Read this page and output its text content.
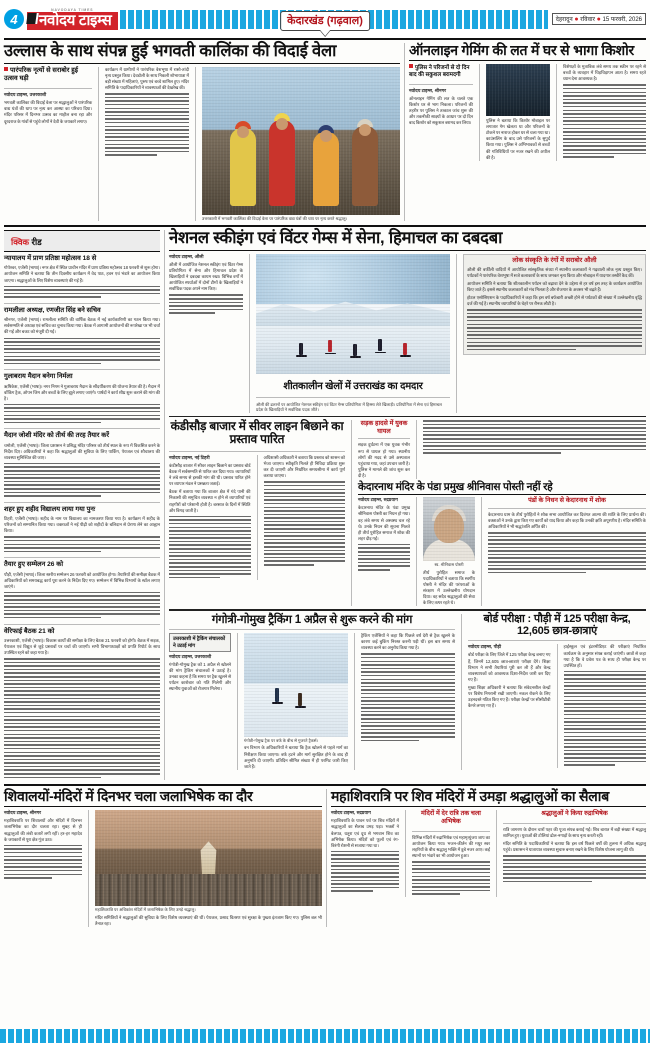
4
NAVODAYA TIMES
नवोदय टाइम्स	केदारखंड (गढ़वाल)	देहरादून ● रविवार ● 15 फरवरी, 2026
उल्लास के साथ संपन्न हुई भगवती कालिंका की विदाई वेला
पारंपरिक नृत्यों से सराबोर हुई उत्सव घड़ी
नवोदय टाइम्स, उत्तरकाशी
भगवती कालिंका की विदाई वेला पर श्रद्धालुओं ने पारंपरिक वाद्य यंत्रों की थाप पर नृत्य कर आस्था का परिचय दिया। मंदिर परिसर में दिनभर उत्सव का माहौल बना रहा और दूरदराज के गांवों से पहुंचे लोगों ने देवी के जयकारे लगाए।
कार्यक्रम में ग्रामीणों ने पारंपरिक वेशभूषा में रासो-तांदी नृत्य प्रस्तुत किया। देवडोली के साथ निकली शोभायात्रा में बड़ी संख्या में महिलाएं, पुरुष एवं बच्चे शामिल हुए। मंदिर समिति के पदाधिकारियों ने व्यवस्थाओं की देखरेख की।
उत्तरकाशी में भगवती कालिंका की विदाई वेला पर पारंपरिक वाद्य यंत्रों की थाप पर नृत्य करते श्रद्धालु।
ऑनलाइन गेमिंग की लत में घर से भागा किशोर
पुलिस ने परिजनों से दो दिन बाद की सकुशल बरामदगी
नवोदय टाइम्स, श्रीनगर
ऑनलाइन गेमिंग की लत के चलते एक किशोर घर से भाग निकला। परिजनों की तहरीर पर पुलिस ने तत्काल जांच शुरू की और तकनीकी साक्ष्यों के आधार पर दो दिन बाद किशोर को सकुशल बरामद कर लिया।	पुलिस ने बताया कि किशोर मोबाइल पर लगातार गेम खेलता था और परिजनों के टोकने पर नाराज होकर घर से चला गया था। काउंसलिंग के बाद उसे परिजनों के सुपुर्द किया गया। पुलिस ने अभिभावकों से बच्चों की गतिविधियों पर नजर रखने की अपील की है।
विशेषज्ञों के मुताबिक लंबे समय तक स्क्रीन पर रहने से बच्चों के व्यवहार में चिड़चिड़ापन आता है। समय रहते ध्यान देना आवश्यक है।
क्विक रीड
न्यायालय में प्राण प्रतिष्ठा महोत्सव 18 से
गोपेश्वर, एजेंसी (भाषा)। नगर क्षेत्र में स्थित प्राचीन मंदिर में प्राण प्रतिष्ठा महोत्सव 18 फरवरी से शुरू होगा। आयोजन समिति ने बताया कि तीन दिवसीय कार्यक्रम में वेद पाठ, हवन एवं भंडारे का आयोजन किया जाएगा। श्रद्धालुओं के लिए विशेष व्यवस्थाएं की गई हैं।
रामलीला अध्यक्ष, रणजीत सिंह बने सचिव
श्रीनगर, एजेंसी (भाषा)। रामलीला समिति की वार्षिक बैठक में नई कार्यकारिणी का गठन किया गया। सर्वसम्मति से अध्यक्ष एवं सचिव का चुनाव किया गया। बैठक में आगामी आयोजनों की रूपरेखा पर भी चर्चा की गई और बजट को मंजूरी दी गई।
गुलाबराय मैदान बनेगा निर्मला
ऋषिकेश, एजेंसी (भाषा)। नगर निगम ने गुलाबराय मैदान के सौंदर्यीकरण की योजना तैयार की है। मैदान में वॉकिंग ट्रैक, ओपन जिम और बच्चों के लिए झूले लगाए जाएंगे। पार्षदों ने कार्य शीघ्र शुरू कराने की मांग की है।
मैदान जोशी मंदिर को तीर्थ की तरह तैयार करें
चमोली, एजेंसी (भाषा)। जिला प्रशासन ने प्रसिद्ध मंदिर परिसर को तीर्थ स्थल के रूप में विकसित करने के निर्देश दिए। अधिकारियों ने कहा कि श्रद्धालुओं की सुविधा के लिए पार्किंग, पेयजल एवं शौचालय की व्यवस्था सुनिश्चित की जाए।
शहर हुए शहीद विद्यालय लाया गया पुनः
टिहरी, एजेंसी (भाषा)। शहीद के नाम पर विद्यालय का नामकरण किया गया है। कार्यक्रम में शहीद के परिजनों को सम्मानित किया गया। वक्ताओं ने नई पीढ़ी को शहीदों के बलिदान से प्रेरणा लेने का आह्वान किया।
तैयार हुए सम्मेलन 26 को
पौड़ी, एजेंसी (भाषा)। जिला स्तरीय सम्मेलन 26 फरवरी को आयोजित होगा। तैयारियों की समीक्षा बैठक में अधिकारियों को समयबद्ध कार्य पूरा करने के निर्देश दिए गए। सम्मेलन में विभिन्न विभागों के स्टॉल लगाए जाएंगे।
वेरिफाई बैठक 21 को
उत्तरकाशी, एजेंसी (भाषा)। विकास कार्यों की समीक्षा के लिए बैठक 21 फरवरी को होगी। बैठक में सड़क, पेयजल एवं विद्युत से जुड़े प्रस्तावों पर चर्चा की जाएगी। सभी विभागाध्यक्षों को प्रगति रिपोर्ट के साथ उपस्थित रहने को कहा गया है।
नेशनल स्कीइंग एवं विंटर गेम्स में सेना, हिमाचल का दबदबा
नवोदय टाइम्स, औली
औली में आयोजित नेशनल स्कीइंग एवं विंटर गेम्स प्रतियोगिता में सेना और हिमाचल प्रदेश के खिलाड़ियों ने दबदबा कायम रखा। विभिन्न वर्गों में आयोजित स्पर्धाओं में दोनों टीमों के खिलाड़ियों ने सर्वाधिक पदक अपने नाम किए।
शीतकालीन खेलों में उत्तराखंड का दमदार
औली की ढलानों पर आयोजित नेशनल स्कीइंग एवं विंटर गेम्स प्रतियोगिता में हिस्सा लेते खिलाड़ी। प्रतियोगिता में सेना एवं हिमाचल प्रदेश के खिलाड़ियों ने सर्वाधिक पदक जीते।
लोक संस्कृति के रंगों में सराबोर औली
औली की बर्फीली वादियों में आयोजित सांस्कृतिक संध्या में स्थानीय कलाकारों ने गढ़वाली लोक नृत्य प्रस्तुत किए। पर्यटकों ने पारंपरिक वेशभूषा में सजे कलाकारों के साथ जमकर नृत्य किया और मोबाइल में यादगार तस्वीरें कैद कीं।
आयोजन समिति ने बताया कि शीतकालीन पर्यटन को बढ़ावा देने के उद्देश्य से हर वर्ष इस तरह के कार्यक्रम आयोजित किए जाते हैं। इससे स्थानीय कलाकारों को मंच मिलता है और रोजगार के अवसर भी बढ़ते हैं।
होटल एसोसिएशन के पदाधिकारियों ने कहा कि इस वर्ष बर्फबारी अच्छी होने से पर्यटकों की संख्या में उल्लेखनीय वृद्धि दर्ज की गई है। स्थानीय व्यापारियों के चेहरे पर रौनक लौटी है।
कंडीसौड़ बाजार में सीवर लाइन बिछाने का प्रस्ताव पारित
नवोदय टाइम्स, नई टिहरी
कंडीसौड़ बाजार में सीवर लाइन बिछाने का प्रस्ताव बोर्ड बैठक में सर्वसम्मति से पारित कर दिया गया। व्यापारियों ने लंबे समय से इसकी मांग की थी। प्रस्ताव पारित होने पर व्यापार मंडल ने प्रसन्नता जताई।
बैठक में बताया गया कि बाजार क्षेत्र में गंदे पानी की निकासी की समुचित व्यवस्था न होने से व्यापारियों एवं राहगीरों को परेशानी होती है। बरसात के दिनों में स्थिति और बिगड़ जाती है।
अधिशासी अधिकारी ने बताया कि प्रस्ताव को शासन को भेजा जाएगा। स्वीकृति मिलते ही निविदा प्रक्रिया शुरू कर दी जाएगी और निर्धारित समयसीमा में कार्य पूर्ण कराया जाएगा।
सड़क हादसे में युवक घायल
सड़क दुर्घटना में एक युवक गंभीर रूप से घायल हो गया। स्थानीय लोगों की मदद से उसे अस्पताल पहुंचाया गया, जहां उपचार जारी है। पुलिस ने मामले की जांच शुरू कर दी है।
केदारनाथ मंदिर के पंडा प्रमुख श्रीनिवास पोस्ती नहीं रहे
नवोदय टाइम्स, रुद्रप्रयाग
केदारनाथ मंदिर के पंडा प्रमुख श्रीनिवास पोस्ती का निधन हो गया। वह लंबे समय से अस्वस्थ चल रहे थे। उनके निधन की सूचना मिलते ही तीर्थ पुरोहित समाज में शोक की लहर दौड़ गई।
स्व. श्रीनिवास पोस्ती
तीर्थ पुरोहित समाज के पदाधिकारियों ने बताया कि स्वर्गीय पोस्ती ने मंदिर की परंपराओं के संरक्षण में उल्लेखनीय योगदान दिया। वह सदैव श्रद्धालुओं की सेवा के लिए तत्पर रहते थे।
पंडों के निधन से केदारनाथ में शोक
केदारनाथ धाम के तीर्थ पुरोहितों ने शोक सभा आयोजित कर दिवंगत आत्मा की शांति के लिए प्रार्थना की। वक्ताओं ने उनके द्वारा किए गए कार्यों को याद किया और कहा कि उनकी क्षति अपूरणीय है। मंदिर समिति के अधिकारियों ने भी श्रद्धांजलि अर्पित की।
गंगोत्री-गोमुख ट्रैकिंग 1 अप्रैल से शुरू करने की मांग
उत्तरकाशी में ट्रैकिंग संचालकों ने उठाई मांग
नवोदय टाइम्स, उत्तरकाशी
गंगोत्री-गोमुख ट्रैक को 1 अप्रैल से खोलने की मांग ट्रैकिंग संचालकों ने उठाई है। उनका कहना है कि समय पर ट्रैक खुलने से पर्यटन कारोबार को गति मिलेगी और स्थानीय युवाओं को रोजगार मिलेगा।
गंगोत्री-गोमुख ट्रैक पर बर्फ के बीच से गुजरते ट्रैकर्स।
वन विभाग के अधिकारियों ने बताया कि ट्रैक खोलने से पहले मार्ग का निरीक्षण किया जाएगा। बर्फ हटने और मार्ग सुरक्षित होने के बाद ही अनुमति दी जाएगी। प्रतिदिन सीमित संख्या में ही परमिट जारी किए जाते हैं।
ट्रैकिंग एजेंसियों ने कहा कि पिछले वर्ष देरी से ट्रैक खुलने के कारण कई बुकिंग निरस्त करनी पड़ी थीं। इस बार समय से व्यवस्था करने का अनुरोध किया गया है।
बोर्ड परीक्षा : पौड़ी में 125 परीक्षा केन्द्र, 12,605 छात्र-छात्राएं
नवोदय टाइम्स, पौड़ी
बोर्ड परीक्षा के लिए जिले में 125 परीक्षा केन्द्र बनाए गए हैं, जिनमें 12,605 छात्र-छात्राएं परीक्षा देंगे। शिक्षा विभाग ने सभी तैयारियां पूरी कर ली हैं और केन्द्र व्यवस्थापकों को आवश्यक दिशा-निर्देश जारी कर दिए गए हैं।
मुख्य शिक्षा अधिकारी ने बताया कि संवेदनशील केन्द्रों पर विशेष निगरानी रखी जाएगी। नकल रोकने के लिए उड़नदस्ते गठित किए गए हैं। परीक्षा केन्द्रों पर सीसीटीवी कैमरे लगाए गए हैं।
हाईस्कूल एवं इंटरमीडिएट की परीक्षाएं निर्धारित कार्यक्रम के अनुसार संपन्न कराई जाएंगी। छात्रों से कहा गया है कि वे प्रवेश पत्र के साथ ही परीक्षा केन्द्र पर उपस्थित हों।
शिवालयों-मंदिरों में दिनभर चला जलाभिषेक का दौर
नवोदय टाइम्स, श्रीनगर
महाशिवरात्रि पर शिवालयों और मंदिरों में दिनभर जलाभिषेक का दौर चलता रहा। सुबह से ही श्रद्धालुओं की लंबी कतारें लगी रहीं। हर-हर महादेव के जयकारों से पूरा क्षेत्र गूंज उठा।
महाशिवरात्रि पर अधिकांश मंदिरों में जलाभिषेक के लिए उमड़े श्रद्धालु।
मंदिर समितियों ने श्रद्धालुओं की सुविधा के लिए विशेष व्यवस्थाएं की थीं। पेयजल, प्रसाद वितरण एवं सुरक्षा के पुख्ता इंतजाम किए गए। पुलिस बल भी तैनात रहा।
महाशिवरात्रि पर शिव मंदिरों में उमड़ा श्रद्धालुओं का सैलाब
नवोदय टाइम्स, रुद्रप्रयाग
महाशिवरात्रि के पावन पर्व पर शिव मंदिरों में श्रद्धालुओं का सैलाब उमड़ पड़ा। भक्तों ने बेलपत्र, धतूरा एवं दूध से भगवान शिव का अभिषेक किया। मंदिरों को फूलों एवं रंग-बिरंगी रोशनी से सजाया गया था।
मंदिरों में देर रात्रि तक चला अभिषेक
विभिन्न मंदिरों में रुद्राभिषेक एवं महामृत्युंजय जाप का आयोजन किया गया। भजन-कीर्तन की मधुर स्वर लहरियों के बीच श्रद्धालु भक्ति में डूबे नजर आए। कई स्थानों पर भंडारे का भी आयोजन हुआ।
श्रद्धालुओं ने किया रुद्राभिषेक
रात्रि जागरण के दौरान चारों पहर की पूजा संपन्न कराई गई। शिव बारात में बड़ी संख्या में श्रद्धालु शामिल हुए। युवाओं की टोलियां ढोल-नगाड़ों के साथ नृत्य करती रहीं।
मंदिर समिति के पदाधिकारियों ने बताया कि इस वर्ष पिछले वर्षों की तुलना में अधिक श्रद्धालु पहुंचे। प्रशासन ने यातायात व्यवस्था सुचारु बनाए रखने के लिए विशेष योजना लागू की थी।
